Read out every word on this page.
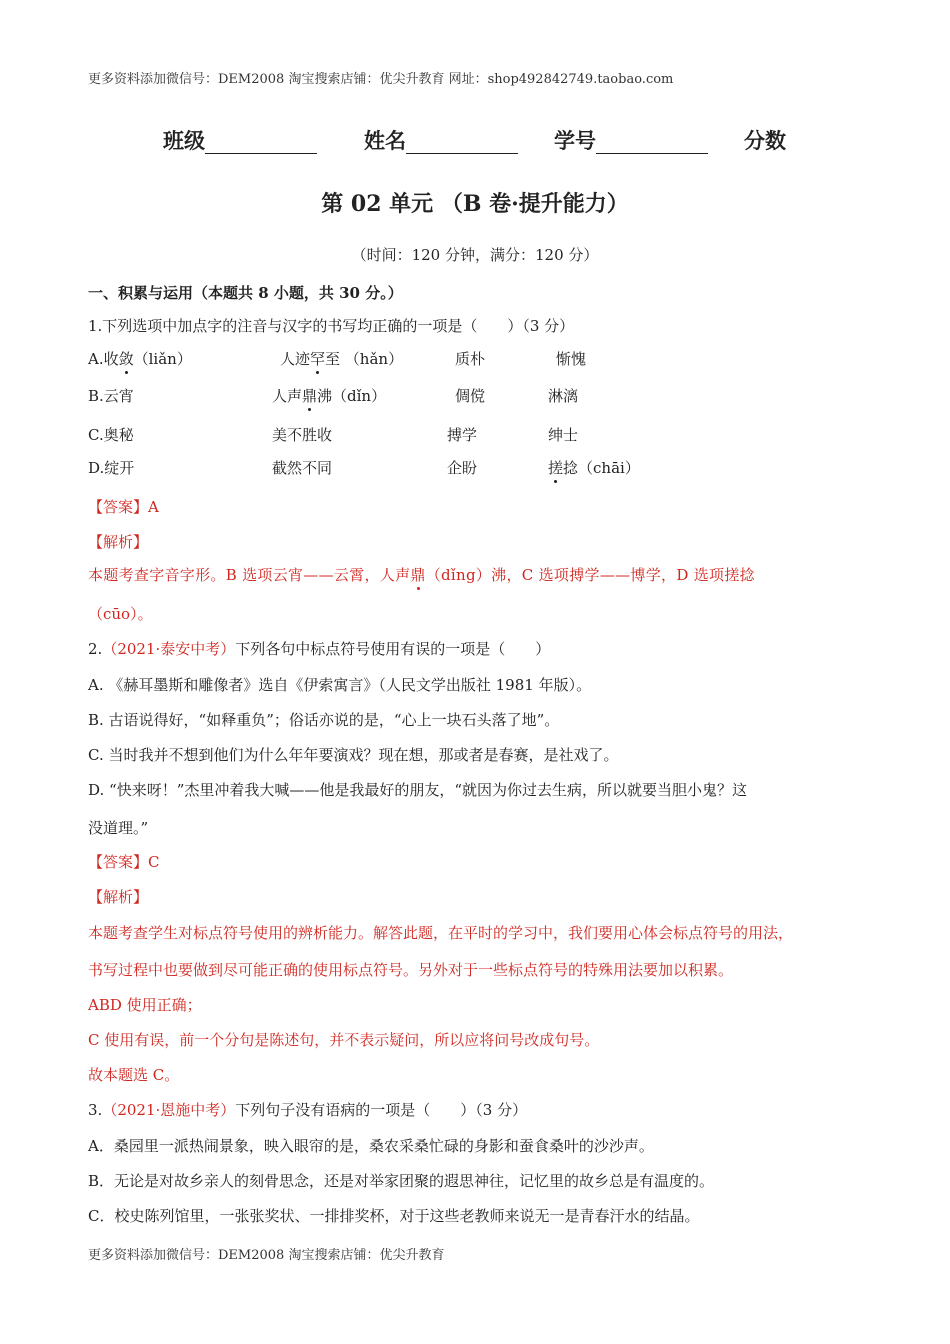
更多资料添加微信号：DEM2008 淘宝搜索店铺：优尖升教育 网址：shop492842749.taobao.com
班级	姓名	学号	分数
第 02 单元 （B 卷·提升能力）
（时间：120 分钟，满分：120 分）
一、积累与运用（本题共 8 小题，共 30 分。）
1.下列选项中加点字的注音与汉字的书写均正确的一项是（　　）（3 分）
A.收敛（liǎn）	人迹罕至 （hǎn）	质朴	惭愧
B.云宵	人声鼎沸（dǐn）	倜傥	淋漓
C.奥秘	美不胜收	搏学	绅士
D.绽开	截然不同	企盼	搓捻（chāi）
【答案】A
【解析】
本题考查字音字形。B 选项云宵——云霄，人声鼎（dǐng）沸，C 选项搏学——博学，D 选项搓捻
（cūo）。
2.（2021·泰安中考）下列各句中标点符号使用有误的一项是（　　）
A. 《赫耳墨斯和雕像者》选自《伊索寓言》（人民文学出版社 1981 年版）。
B. 古语说得好，“如释重负”；俗话亦说的是，“心上一块石头落了地”。
C. 当时我并不想到他们为什么年年要演戏？现在想，那或者是春赛，是社戏了。
D. “快来呀！”杰里冲着我大喊——他是我最好的朋友，“就因为你过去生病，所以就要当胆小鬼？这
没道理。”
【答案】C
【解析】
本题考查学生对标点符号使用的辨析能力。解答此题，在平时的学习中，我们要用心体会标点符号的用法，
书写过程中也要做到尽可能正确的使用标点符号。另外对于一些标点符号的特殊用法要加以积累。
ABD 使用正确；
C 使用有误，前一个分句是陈述句，并不表示疑问，所以应将问号改成句号。
故本题选 C。
3.（2021·恩施中考）下列句子没有语病的一项是（　　）（3 分）
A．桑园里一派热闹景象，映入眼帘的是，桑农采桑忙碌的身影和蚕食桑叶的沙沙声。
B．无论是对故乡亲人的刻骨思念，还是对举家团聚的遐思神往，记忆里的故乡总是有温度的。
C．校史陈列馆里，一张张奖状、一排排奖杯，对于这些老教师来说无一是青春汗水的结晶。
更多资料添加微信号：DEM2008 淘宝搜索店铺：优尖升教育
